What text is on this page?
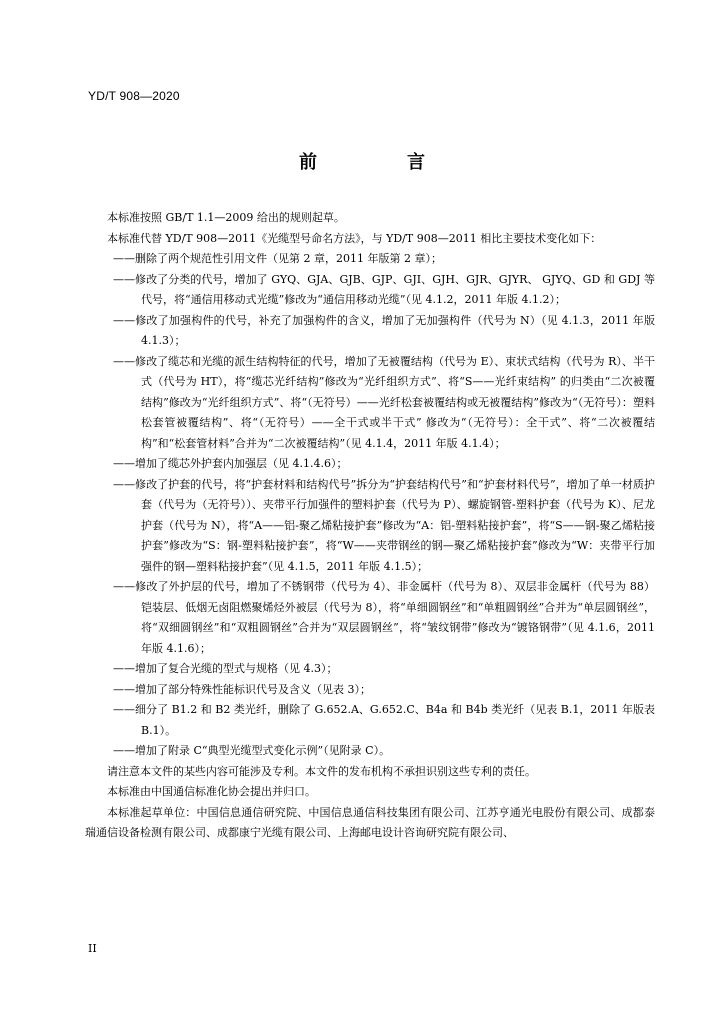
YD/T 908—2020
前　言

本标准按照 GB/T 1.1—2009 给出的规则起草。

本标准代替 YD/T 908—2011《光缆型号命名方法》，与 YD/T 908—2011 相比主要技术变化如下：

——删除了两个规范性引用文件（见第 2 章，2011 年版第 2 章）；

——修改了分类的代号，增加了 GYQ、GJA、GJB、GJP、GJI、GJH、GJR、GJYR、 GJYQ、GD 和 GDJ 等代号，将“通信用移动式光缆”修改为“通信用移动光缆”（见 4.1.2，2011 年版 4.1.2）；

——修改了加强构件的代号，补充了加强构件的含义，增加了无加强构件（代号为 N）（见 4.1.3，2011 年版 4.1.3）；

——修改了缆芯和光缆的派生结构特征的代号，增加了无被覆结构（代号为 E）、束状式结构（代号为 R）、半干式（代号为 HT），将“缆芯光纤结构”修改为“光纤组织方式”、将“S——光纤束结构” 的归类由“二次被覆结构”修改为“光纤组织方式”、将“（无符号）——光纤松套被覆结构或无被覆结构”修改为“（无符号）：塑料松套管被覆结构”、将“（无符号）——全干式或半干式” 修改为“（无符号）：全干式”、将“二次被覆结构”和“松套管材料”合并为“二次被覆结构”（见 4.1.4，2011 年版 4.1.4）；

——增加了缆芯外护套内加强层（见 4.1.4.6）；

——修改了护套的代号，将“护套材料和结构代号”拆分为“护套结构代号”和“护套材料代号”，增加了单一材质护套（代号为（无符号））、夹带平行加强件的塑料护套（代号为 P）、螺旋钢管-塑料护套（代号为 K）、尼龙护套（代号为 N），将“A——铝-聚乙烯粘接护套”修改为“A：铝-塑料粘接护套”，将“S——钢-聚乙烯粘接护套”修改为“S：钢-塑料粘接护套”，将“W——夹带钢丝的钢—聚乙烯粘接护套”修改为“W：夹带平行加强件的钢—塑料粘接护套”（见 4.1.5，2011 年版 4.1.5）；

——修改了外护层的代号，增加了不锈钢带（代号为 4）、非金属杆（代号为 8）、双层非金属杆（代号为 88）铠装层、低烟无卤阻燃聚烯烃外被层（代号为 8），将“单细圆钢丝”和“单粗圆钢丝”合并为“单层圆钢丝”，将“双细圆钢丝”和“双粗圆钢丝”合并为“双层圆钢丝”，将“皱纹钢带”修改为“镀铬钢带”（见 4.1.6，2011 年版 4.1.6）；

——增加了复合光缆的型式与规格（见 4.3）；

——增加了部分特殊性能标识代号及含义（见表 3）；

——细分了 B1.2 和 B2 类光纤，删除了 G.652.A、G.652.C、B4a 和 B4b 类光纤（见表 B.1，2011 年版表 B.1）。

——增加了附录 C“典型光缆型式变化示例”（见附录 C）。

请注意本文件的某些内容可能涉及专利。本文件的发布机构不承担识别这些专利的责任。

本标准由中国通信标准化协会提出并归口。

本标准起草单位：中国信息通信研究院、中国信息通信科技集团有限公司、江苏亨通光电股份有限公司、成都泰瑞通信设备检测有限公司、成都康宁光缆有限公司、上海邮电设计咨询研究院有限公司、

II
